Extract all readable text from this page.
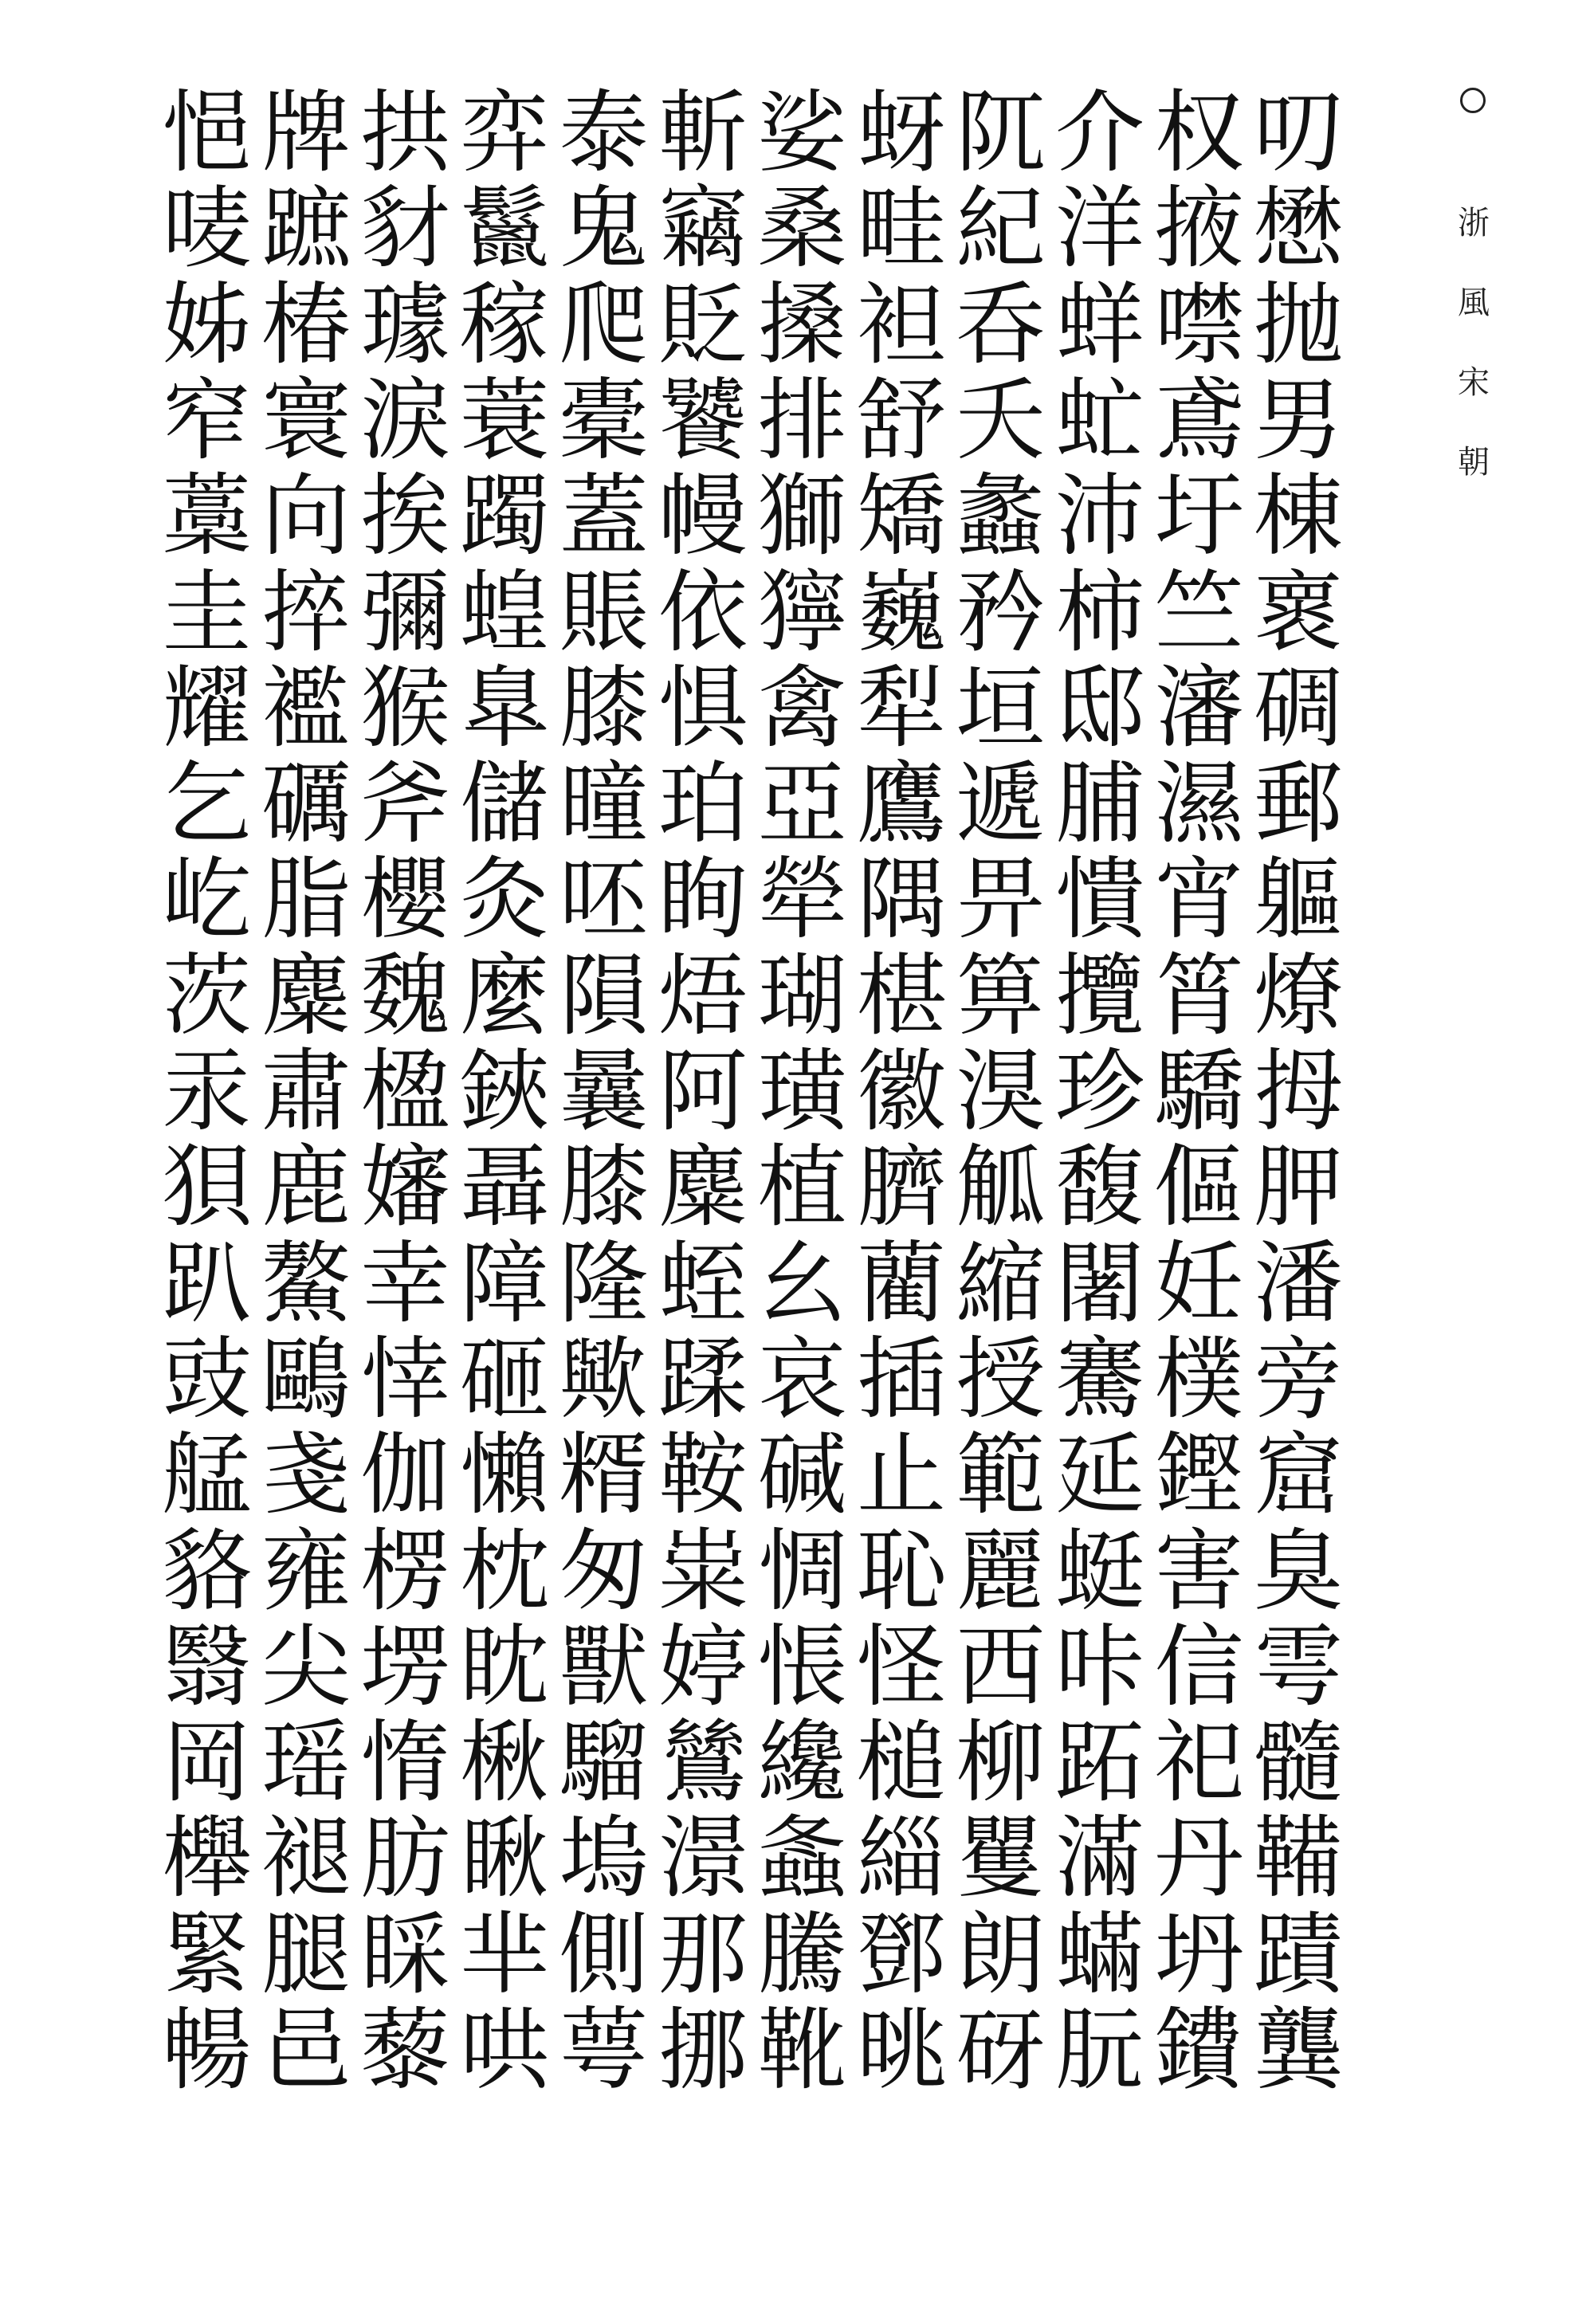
浙
風
宋
朝
叨
懋
抛
男
棟
褱
碉
郵
軀
燎
拇
胛
潘
旁
窟
臭
雩
髓
鞴
蹟
龔
权
掖
噤
鳶
圩
竺
瀋
濕
宵
筲
驕
傴
妊
樸
鏗
害
信
祀
丹
坍
鐨
介
洋
蛘
虻
沛
柿
邸
脯
憒
攬
珍
馥
闍
騫
延
蜓
咔
跖
滿
蟎
朊
阢
紀
呑
夭
蠡
矜
垣
遞
畀
箅
湨
觚
縮
授
範
麗
西
柳
矍
朗
砑
蚜
畦
袒
舒
矯
巍
犁
鷹
隅
椹
徽
臍
藺
插
止
恥
怪
槌
緇
鄧
晀
娑
桑
搡
排
獅
獰
禽
亞
犖
瑚
璜
植
幺
哀
碱
惆
悵
纔
螽
騰
靴
斬
竊
貶
饕
幔
依
惧
珀
眴
焐
阿
麋
蛭
蹂
鞍
粜
婷
鷥
澋
那
挪
泰
鬼
爬
橐
蓋
賬
膝
曈
呸
隕
曩
膝
隆
歟
糈
匆
獸
騮
塢
側
萼
弈
鬣
稼
蓑
躅
蝗
臯
儲
灸
麼
鋏
聶
障
砸
懶
枕
眈
楸
瞅
芈
哄
拱
豺
璩
淚
挨
彌
猴
斧
櫻
魏
楹
嬸
幸
悻
伽
楞
塄
惰
肪
睬
藜
牌
蹠
椿
寰
向
捽
襤
礪
脂
麋
肅
鹿
鰲
鷗
戔
雍
尖
瑶
褪
腿
邑
悒
唛
姊
窄
藁
圭
耀
乞
屹
茨
汞
狽
趴
豉
艋
貉
翳
岡
櫸
緊
暢
